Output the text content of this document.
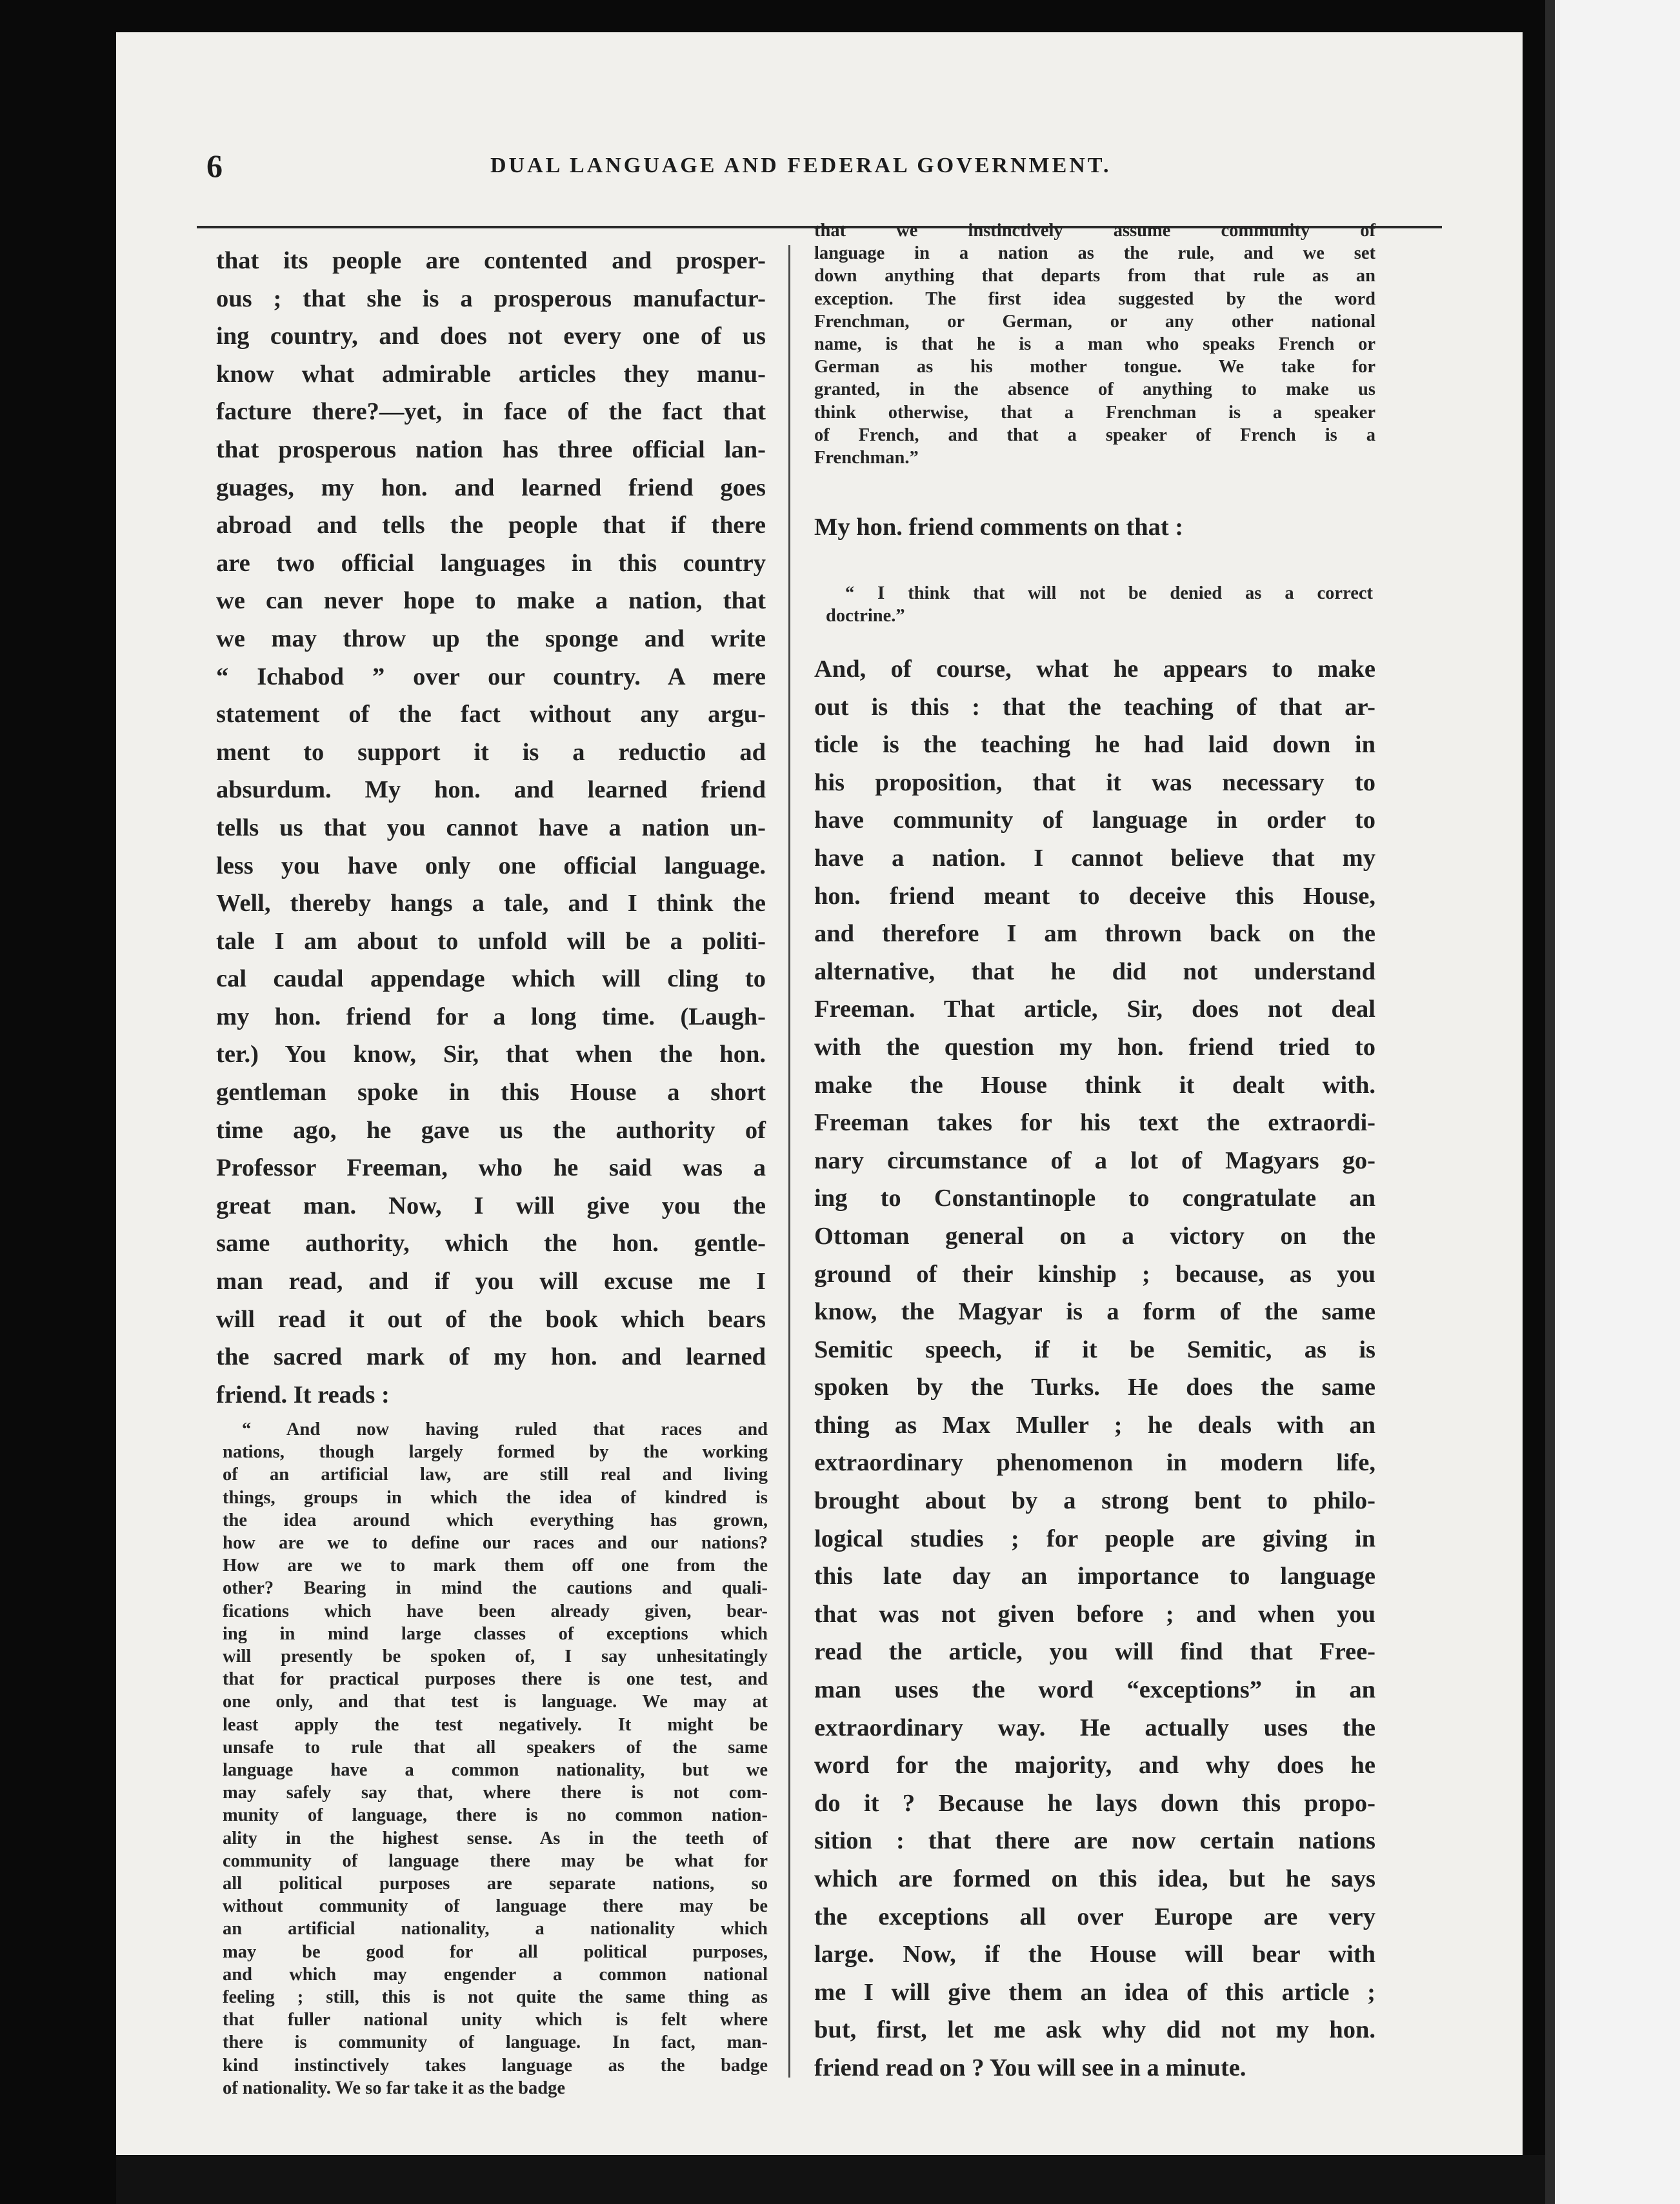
6	DUAL LANGUAGE AND FEDERAL GOVERNMENT.
that its people are contented and prosper-
ous ; that she is a prosperous manufactur-
ing country, and does not every one of us
know what admirable articles they manu-
facture there?—yet, in face of the fact that
that prosperous nation has three official lan-
guages, my hon. and learned friend goes
abroad and tells the people that if there
are two official languages in this country
we can never hope to make a nation, that
we may throw up the sponge and write
“ Ichabod ” over our country. A mere
statement of the fact without any argu-
ment to support it is a reductio ad
absurdum. My hon. and learned friend
tells us that you cannot have a nation un-
less you have only one official language.
Well, thereby hangs a tale, and I think the
tale I am about to unfold will be a politi-
cal caudal appendage which will cling to
my hon. friend for a long time. (Laugh-
ter.) You know, Sir, that when the hon.
gentleman spoke in this House a short
time ago, he gave us the authority of
Professor Freeman, who he said was a
great man. Now, I will give you the
same authority, which the hon. gentle-
man read, and if you will excuse me I
will read it out of the book which bears
the sacred mark of my hon. and learned
friend. It reads :
“ And now having ruled that races and
nations, though largely formed by the working
of an artificial law, are still real and living
things, groups in which the idea of kindred is
the idea around which everything has grown,
how are we to define our races and our nations?
How are we to mark them off one from the
other? Bearing in mind the cautions and quali-
fications which have been already given, bear-
ing in mind large classes of exceptions which
will presently be spoken of, I say unhesitatingly
that for practical purposes there is one test, and
one only, and that test is language. We may at
least apply the test negatively. It might be
unsafe to rule that all speakers of the same
language have a common nationality, but we
may safely say that, where there is not com-
munity of language, there is no common nation-
ality in the highest sense. As in the teeth of
community of language there may be what for
all political purposes are separate nations, so
without community of language there may be
an artificial nationality, a nationality which
may be good for all political purposes,
and which may engender a common national
feeling ; still, this is not quite the same thing as
that fuller national unity which is felt where
there is community of language. In fact, man-
kind instinctively takes language as the badge
of nationality. We so far take it as the badge
that we instinctively assume community of
language in a nation as the rule, and we set
down anything that departs from that rule as an
exception. The first idea suggested by the word
Frenchman, or German, or any other national
name, is that he is a man who speaks French or
German as his mother tongue. We take for
granted, in the absence of anything to make us
think otherwise, that a Frenchman is a speaker
of French, and that a speaker of French is a
Frenchman.”
My hon. friend comments on that :
“ I think that will not be denied as a correct
doctrine.”
And, of course, what he appears to make
out is this : that the teaching of that ar-
ticle is the teaching he had laid down in
his proposition, that it was necessary to
have community of language in order to
have a nation. I cannot believe that my
hon. friend meant to deceive this House,
and therefore I am thrown back on the
alternative, that he did not understand
Freeman. That article, Sir, does not deal
with the question my hon. friend tried to
make the House think it dealt with.
Freeman takes for his text the extraordi-
nary circumstance of a lot of Magyars go-
ing to Constantinople to congratulate an
Ottoman general on a victory on the
ground of their kinship ; because, as you
know, the Magyar is a form of the same
Semitic speech, if it be Semitic, as is
spoken by the Turks. He does the same
thing as Max Muller ; he deals with an
extraordinary phenomenon in modern life,
brought about by a strong bent to philo-
logical studies ; for people are giving in
this late day an importance to language
that was not given before ; and when you
read the article, you will find that Free-
man uses the word “exceptions” in an
extraordinary way. He actually uses the
word for the majority, and why does he
do it ? Because he lays down this propo-
sition : that there are now certain nations
which are formed on this idea, but he says
the exceptions all over Europe are very
large. Now, if the House will bear with
me I will give them an idea of this article ;
but, first, let me ask why did not my hon.
friend read on ? You will see in a minute.
